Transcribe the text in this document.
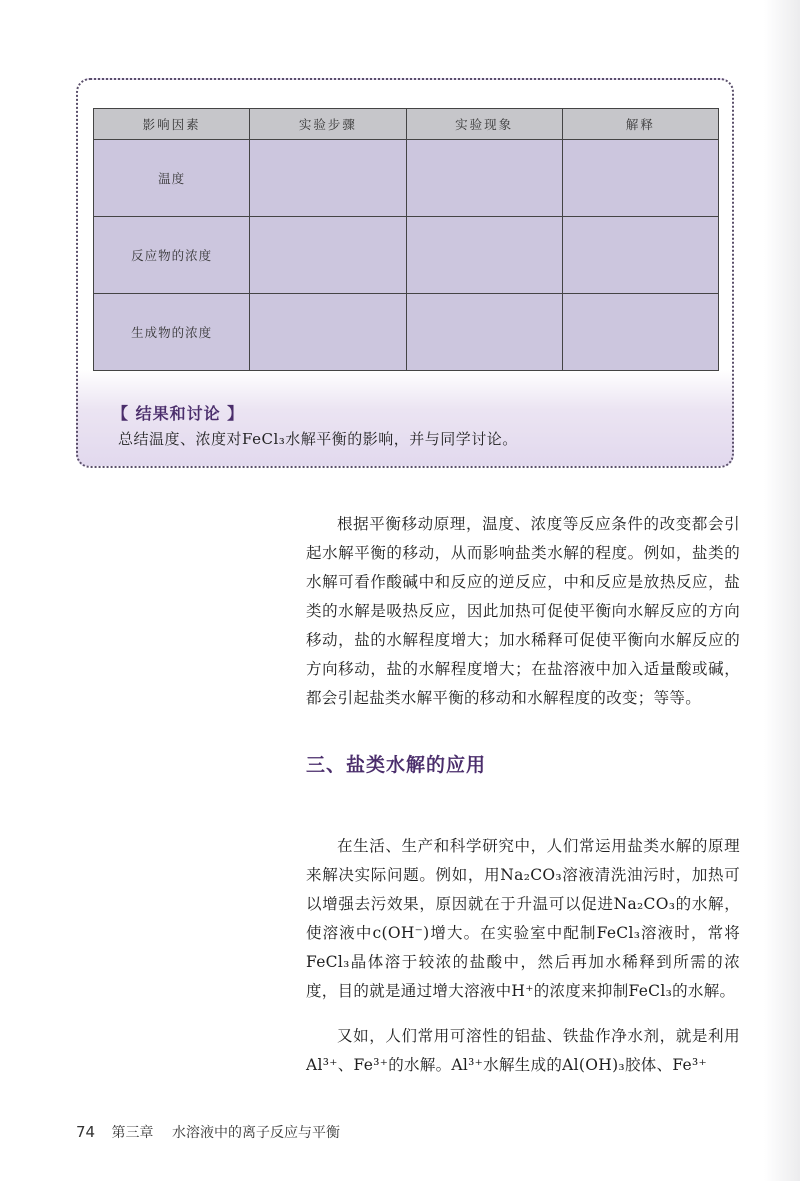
影响因素	实验步骤	实验现象	解释
温度			
反应物的浓度			
生成物的浓度			
【 结果和讨论 】
总结温度、浓度对FeCl₃水解平衡的影响，并与同学讨论。

根据平衡移动原理，温度、浓度等反应条件的改变都会引起水解平衡的移动，从而影响盐类水解的程度。例如，盐类的水解可看作酸碱中和反应的逆反应，中和反应是放热反应，盐类的水解是吸热反应，因此加热可促使平衡向水解反应的方向移动，盐的水解程度增大；加水稀释可促使平衡向水解反应的方向移动，盐的水解程度增大；在盐溶液中加入适量酸或碱，都会引起盐类水解平衡的移动和水解程度的改变；等等。

三、盐类水解的应用

在生活、生产和科学研究中，人们常运用盐类水解的原理来解决实际问题。例如，用Na₂CO₃溶液清洗油污时，加热可以增强去污效果，原因就在于升温可以促进Na₂CO₃的水解，使溶液中c(OH⁻)增大。在实验室中配制FeCl₃溶液时，常将FeCl₃晶体溶于较浓的盐酸中，然后再加水稀释到所需的浓度，目的就是通过增大溶液中H⁺的浓度来抑制FeCl₃的水解。

又如，人们常用可溶性的铝盐、铁盐作净水剂，就是利用Al³⁺、Fe³⁺的水解。Al³⁺水解生成的Al(OH)₃胶体、Fe³⁺

74 第三章 水溶液中的离子反应与平衡
